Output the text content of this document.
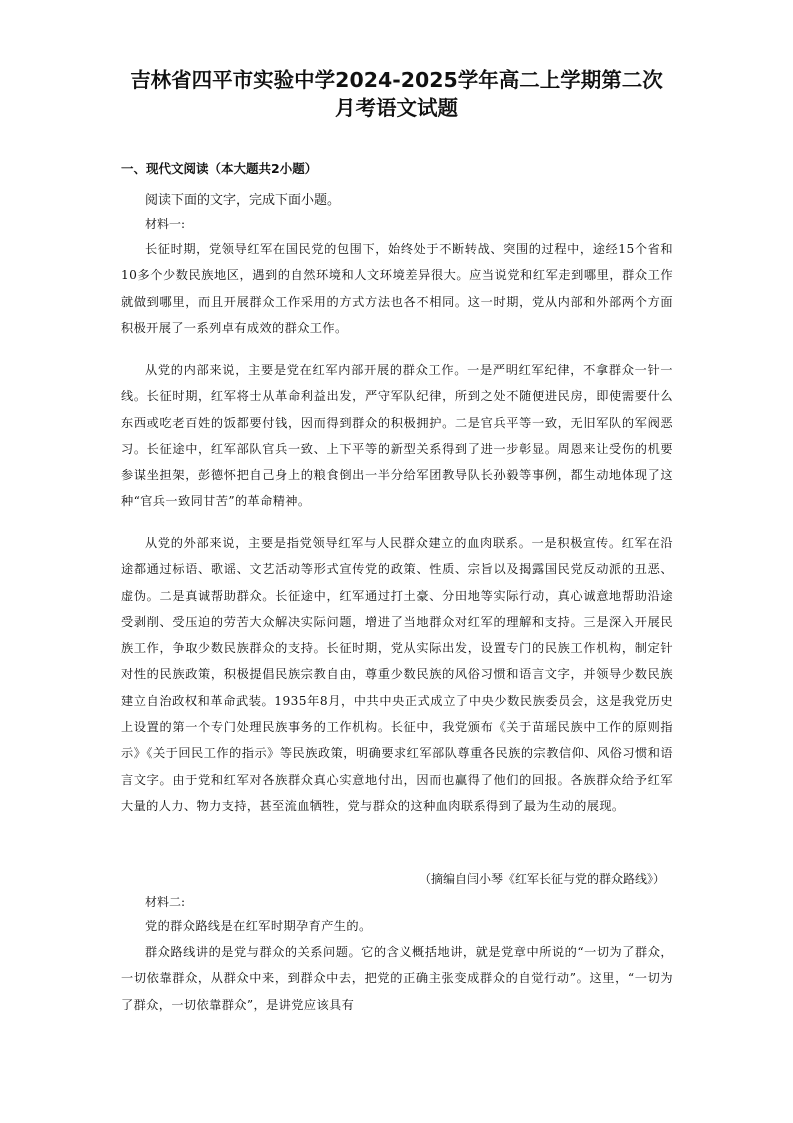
吉林省四平市实验中学2024-2025学年高二上学期第二次
月考语文试题
一、现代文阅读（本大题共2小题）
阅读下面的文字，完成下面小题。
材料一:

长征时期，党领导红军在国民党的包围下，始终处于不断转战、突围的过程中，途经15个省和10多个少数民族地区，遇到的自然环境和人文环境差异很大。应当说党和红军走到哪里，群众工作就做到哪里，而且开展群众工作采用的方式方法也各不相同。这一时期，党从内部和外部两个方面积极开展了一系列卓有成效的群众工作。

从党的内部来说，主要是党在红军内部开展的群众工作。一是严明红军纪律，不拿群众一针一线。长征时期，红军将士从革命利益出发，严守军队纪律，所到之处不随便进民房，即使需要什么东西或吃老百姓的饭都要付钱，因而得到群众的积极拥护。二是官兵平等一致，无旧军队的军阀恶习。长征途中，红军部队官兵一致、上下平等的新型关系得到了进一步彰显。周恩来让受伤的机要参谋坐担架，彭德怀把自己身上的粮食倒出一半分给军团教导队长孙毅等事例，都生动地体现了这种“官兵一致同甘苦”的革命精神。

从党的外部来说，主要是指党领导红军与人民群众建立的血肉联系。一是积极宣传。红军在沿途都通过标语、歌谣、文艺活动等形式宣传党的政策、性质、宗旨以及揭露国民党反动派的丑恶、虚伪。二是真诚帮助群众。长征途中，红军通过打土豪、分田地等实际行动，真心诚意地帮助沿途受剥削、受压迫的劳苦大众解决实际问题，增进了当地群众对红军的理解和支持。三是深入开展民族工作，争取少数民族群众的支持。长征时期，党从实际出发，设置专门的民族工作机构，制定针对性的民族政策，积极提倡民族宗教自由，尊重少数民族的风俗习惯和语言文字，并领导少数民族建立自治政权和革命武装。1935年8月，中共中央正式成立了中央少数民族委员会，这是我党历史上设置的第一个专门处理民族事务的工作机构。长征中，我党颁布《关于苗瑶民族中工作的原则指示》《关于回民工作的指示》等民族政策，明确要求红军部队尊重各民族的宗教信仰、风俗习惯和语言文字。由于党和红军对各族群众真心实意地付出，因而也赢得了他们的回报。各族群众给予红军大量的人力、物力支持，甚至流血牺牲，党与群众的这种血肉联系得到了最为生动的展现。

（摘编自闫小琴《红军长征与党的群众路线》）
材料二:

党的群众路线是在红军时期孕育产生的。

群众路线讲的是党与群众的关系问题。它的含义概括地讲，就是党章中所说的“一切为了群众，一切依靠群众，从群众中来，到群众中去，把党的正确主张变成群众的自觉行动”。这里，“一切为了群众，一切依靠群众”，是讲党应该具有
